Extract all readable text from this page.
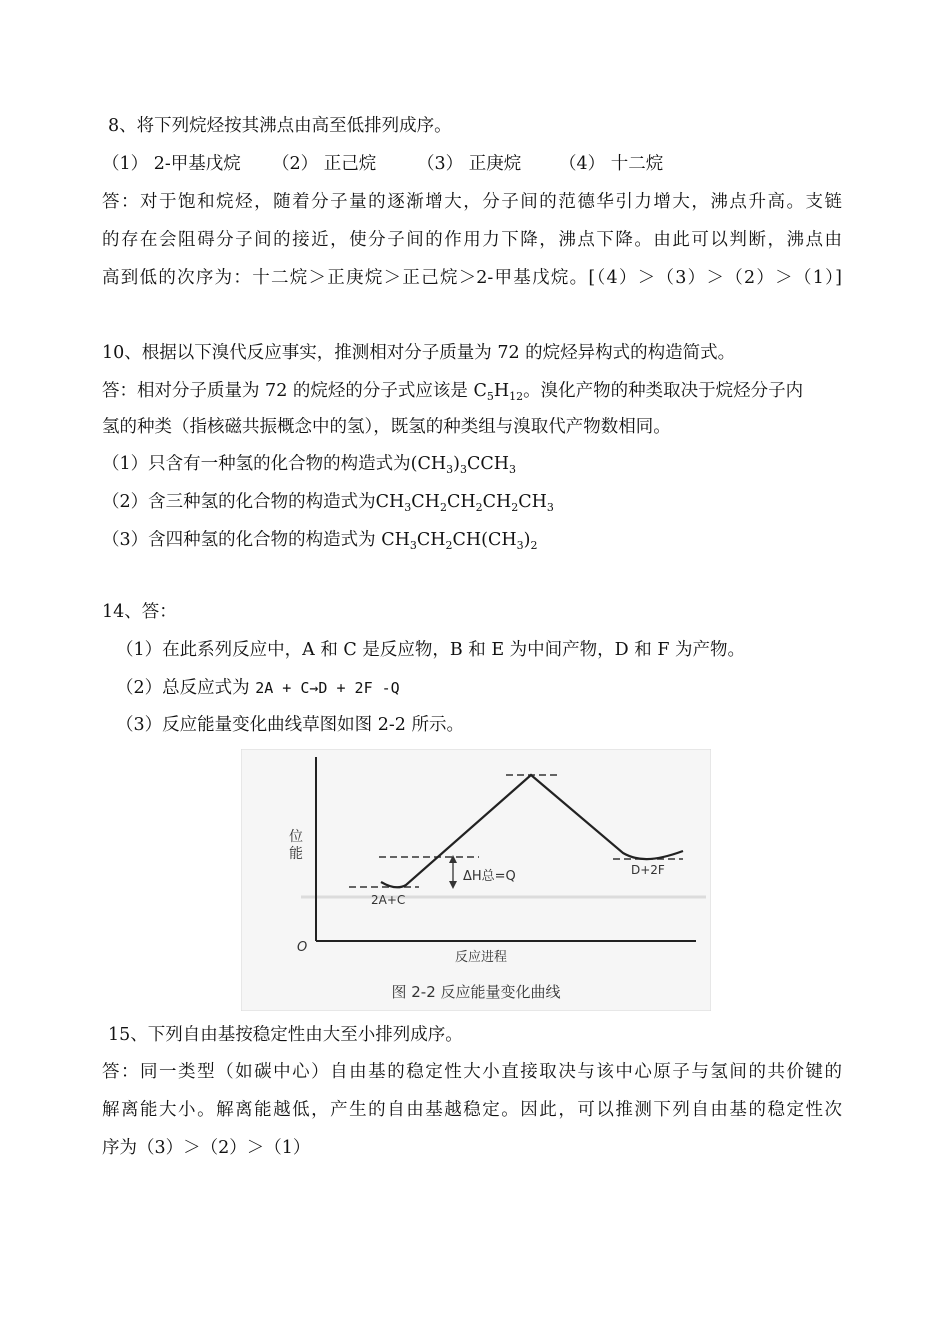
8、将下列烷烃按其沸点由高至低排列成序。
（1） 2-甲基戊烷 （2） 正己烷 （3） 正庚烷 （4） 十二烷
答：对于饱和烷烃，随着分子量的逐渐增大，分子间的范德华引力增大，沸点升高。支链
的存在会阻碍分子间的接近，使分子间的作用力下降，沸点下降。由此可以判断，沸点由
高到低的次序为：十二烷＞正庚烷＞正己烷＞2-甲基戊烷。[（4）＞（3）＞（2）＞（1）]
10、根据以下溴代反应事实，推测相对分子质量为 72 的烷烃异构式的构造简式。
答：相对分子质量为 72 的烷烃的分子式应该是 $C_5H_{12}$。溴化产物的种类取决于烷烃分子内
氢的种类（指核磁共振概念中的氢），既氢的种类组与溴取代产物数相同。
（1）只含有一种氢的化合物的构造式为$(CH_3)_3CCH_3$
（2）含三种氢的化合物的构造式为$CH_3CH_2CH_2CH_2CH_3$
（3）含四种氢的化合物的构造式为 $CH_3CH_2CH(CH_3)_2$
14、答：
（1）在此系列反应中，A 和 C 是反应物，B 和 E 为中间产物，D 和 F 为产物。
（2）总反应式为 2A + C→D + 2F -Q
（3）反应能量变化曲线草图如图 2-2 所示。
位
能
O
反应进程
ΔH总=Q
2A+C
D+2F
图 2-2 反应能量变化曲线
15、下列自由基按稳定性由大至小排列成序。
答：同一类型（如碳中心）自由基的稳定性大小直接取决与该中心原子与氢间的共价键的
解离能大小。解离能越低，产生的自由基越稳定。因此，可以推测下列自由基的稳定性次
序为（3）＞（2）＞（1）
